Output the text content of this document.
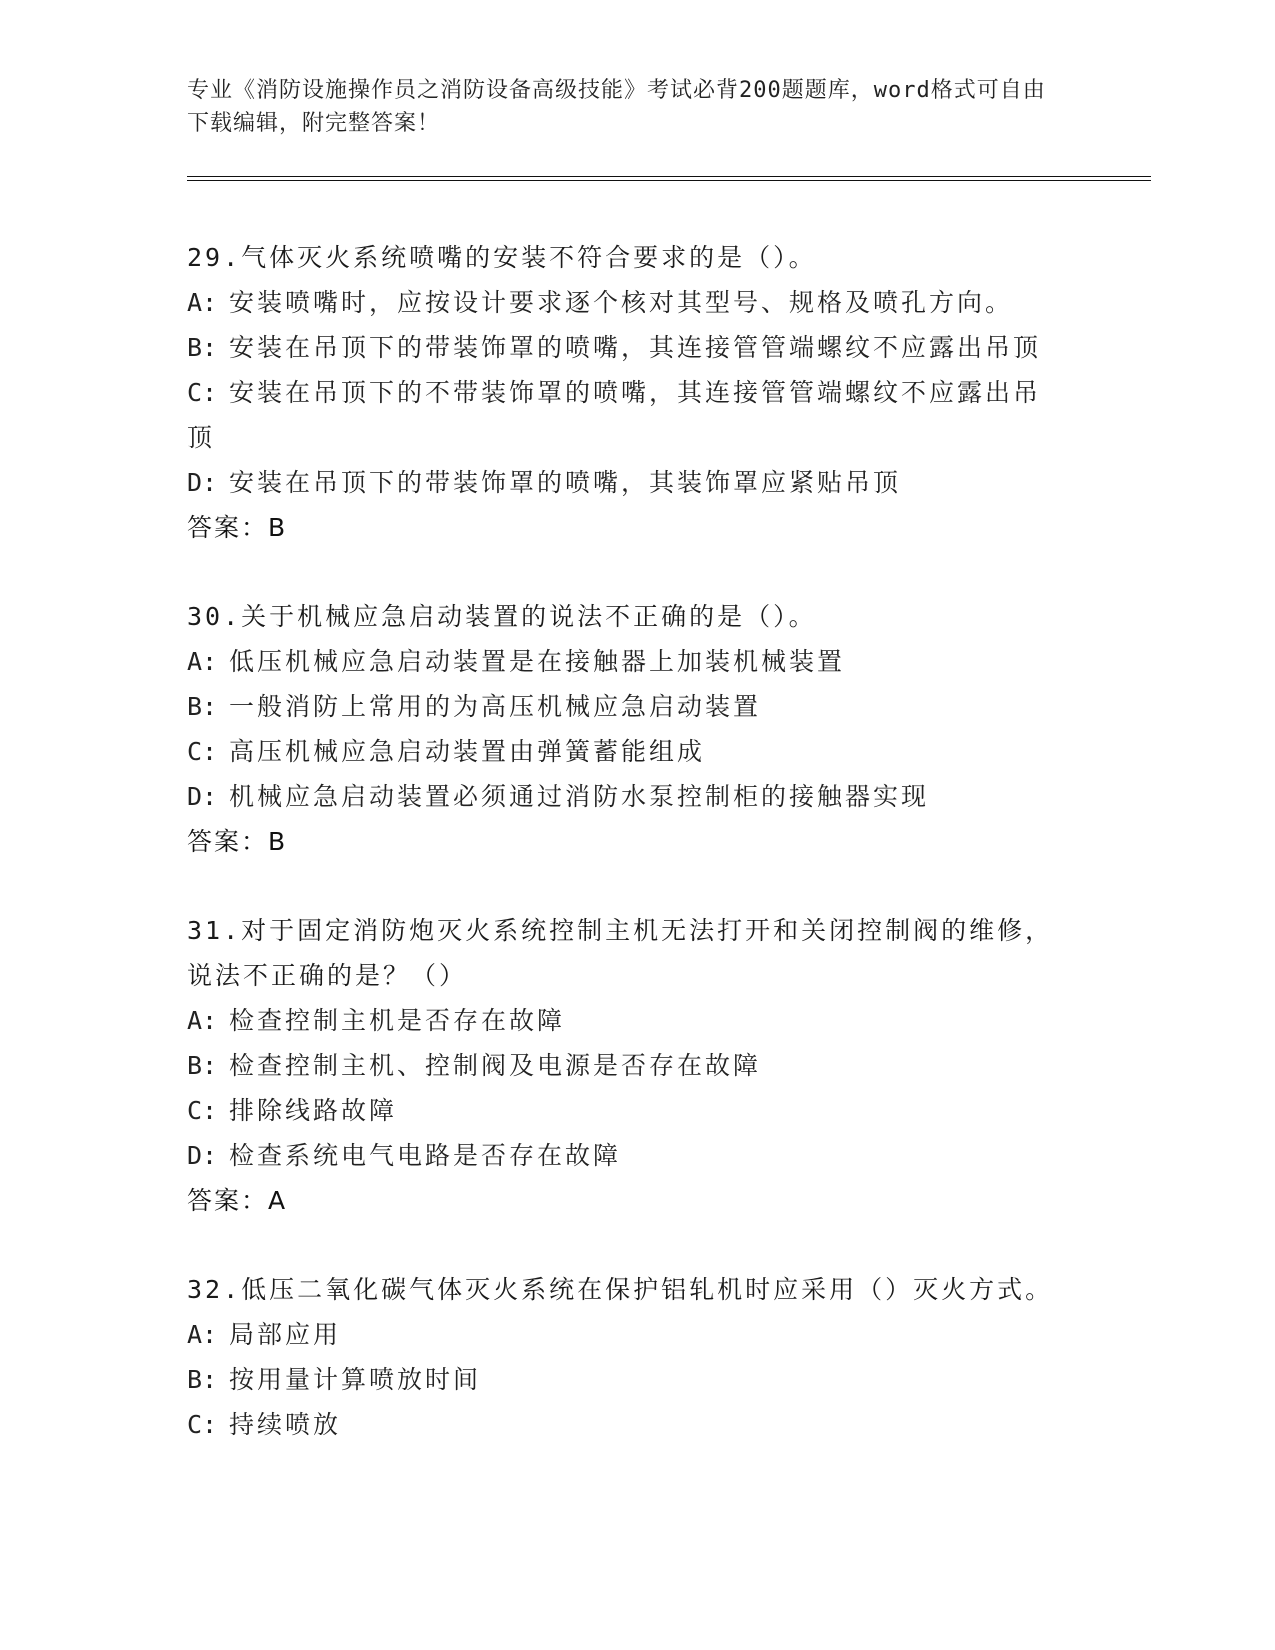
专业《消防设施操作员之消防设备高级技能》考试必背200题题库，word格式可自由下载编辑，附完整答案！
29.气体灭火系统喷嘴的安装不符合要求的是（）。
A: 安装喷嘴时，应按设计要求逐个核对其型号、规格及喷孔方向。
B: 安装在吊顶下的带装饰罩的喷嘴，其连接管管端螺纹不应露出吊顶
C: 安装在吊顶下的不带装饰罩的喷嘴，其连接管管端螺纹不应露出吊顶
D: 安装在吊顶下的带装饰罩的喷嘴，其装饰罩应紧贴吊顶
答案：B
30.关于机械应急启动装置的说法不正确的是（）。
A: 低压机械应急启动装置是在接触器上加装机械装置
B: 一般消防上常用的为高压机械应急启动装置
C: 高压机械应急启动装置由弹簧蓄能组成
D: 机械应急启动装置必须通过消防水泵控制柜的接触器实现
答案：B
31.对于固定消防炮灭火系统控制主机无法打开和关闭控制阀的维修，说法不正确的是？（）
A: 检查控制主机是否存在故障
B: 检查控制主机、控制阀及电源是否存在故障
C: 排除线路故障
D: 检查系统电气电路是否存在故障
答案：A
32.低压二氧化碳气体灭火系统在保护铝轧机时应采用（）灭火方式。
A: 局部应用
B: 按用量计算喷放时间
C: 持续喷放
